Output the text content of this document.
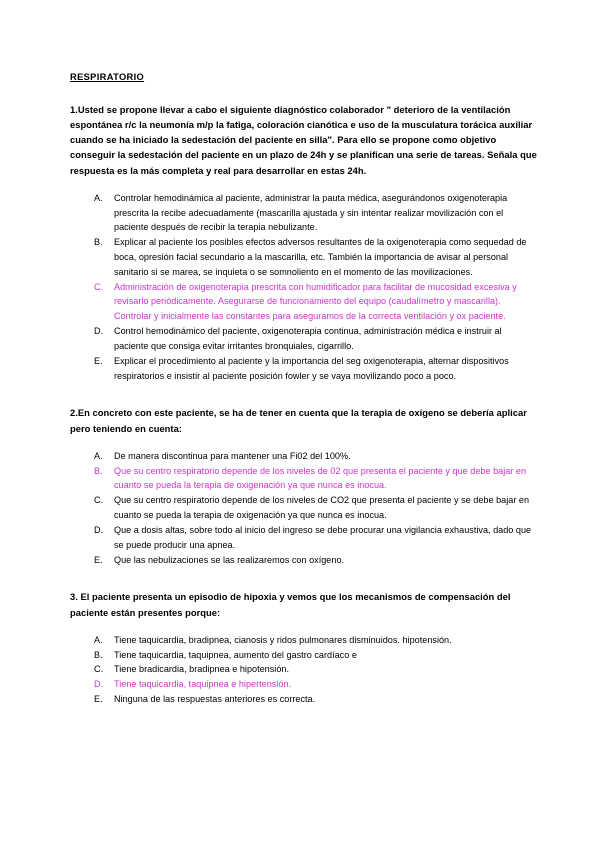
RESPIRATORIO

1.Usted se propone llevar a cabo el siguiente diagnóstico colaborador " deterioro de la ventilación espontánea r/c la neumonía m/p la fatiga, coloración cianótica e uso de la musculatura torácica auxiliar cuando se ha iniciado la sedestación del paciente en silla". Para ello se propone como objetivo conseguir la sedestación del paciente en un plazo de 24h y se planifican una serie de tareas. Señala que respuesta es la más completa y real para desarrollar en estas 24h.

A.	Controlar hemodinámica al paciente, administrar la pauta médica, asegurándonos oxigenoterapia prescrita la recibe adecuadamente (mascarilla ajustada y sin intentar realizar movilización con el paciente después de recibir la terapia nebulizante.
B.	Explicar al paciente los posibles efectos adversos resultantes de la oxigenoterapia como sequedad de boca, opresión facial secundario a la mascarilla, etc. También la importancia de avisar al personal sanitario si se marea, se inquieta o se somnoliento en el momento de las movilizaciones.
C.	Administración de oxigenoterapia prescrita con humidificador para facilitar de mucosidad excesiva y revisarlo periódicamente. Asegurarse de funcionamiento del equipo (caudalímetro y mascarilla). Controlar y inicialmente las constantes para aseguramos de la correcta ventilación y ox paciente.
D.	Control hemodinámico del paciente, oxigenoterapia continua, administración médica e instruir al paciente que consiga evitar irritantes bronquiales, cigarrillo.
E.	Explicar el procedimiento al paciente y la importancia del seg oxigenoterapia, alternar dispositivos respiratorios e insistir al paciente posición fowler y se vaya movilizando poco a poco.

2.En concreto con este paciente, se ha de tener en cuenta que la terapia de oxígeno se debería aplicar pero teniendo en cuenta:

A.	De manera discontinua para mantener una Fi02 del 100%.
B.	Que su centro respiratorio depende de los niveles de 02 que presenta el paciente y que debe bajar en cuanto se pueda la terapia de oxigenación ya que nunca es inocua.
C.	Que su centro respiratorio depende de los niveles de CO2 que presenta el paciente y se debe bajar en cuanto se pueda la terapia de oxigenación ya que nunca es inocua.
D.	Que a dosis altas, sobre todo al inicio del ingreso se debe procurar una vigilancia exhaustiva, dado que se puede producir una apnea.
E.	Que las nebulizaciones se las realizaremos con oxígeno.

3. El paciente presenta un episodio de hipoxia y vemos que los mecanismos de compensación del paciente están presentes porque:

A.	Tiene taquicardia, bradipnea, cianosis y ridos pulmonares disminuidos. hipotensión.
B.	Tiene taquicardia, taquipnea, aumento del gastro cardíaco e
C.	Tiene bradicardia, bradipnea e hipotensión.
D.	Tiene taquicardia, taquipnea e hipertensión.
E.	Ninguna de las respuestas anteriores es correcta.
